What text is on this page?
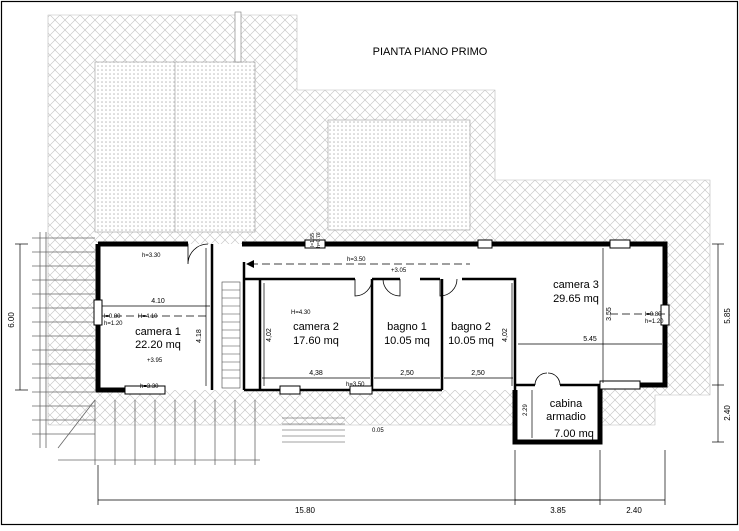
PIANTA PIANO PRIMO
camera 1
22.20 mq
camera 2
17.60 mq
bagno 1
10.05 mq
bagno 2
10.05 mq
camera 3
29.65 mq
cabina
armadio
7.00 mq
15.80	3.85	2.40
6.00	5.85
2.40
4.10
4.18
4,38
4,02
2,50	2,50
4,02	5.45
3.55
2.29
h=3.30
h=3.30
H=4.10
H=4.30
h=3.50
h=3.50
+3.05
+3.95
0.05
l=0.80
h=1.20
l=0.80
h=1.20
l=1.55 h=0.76
